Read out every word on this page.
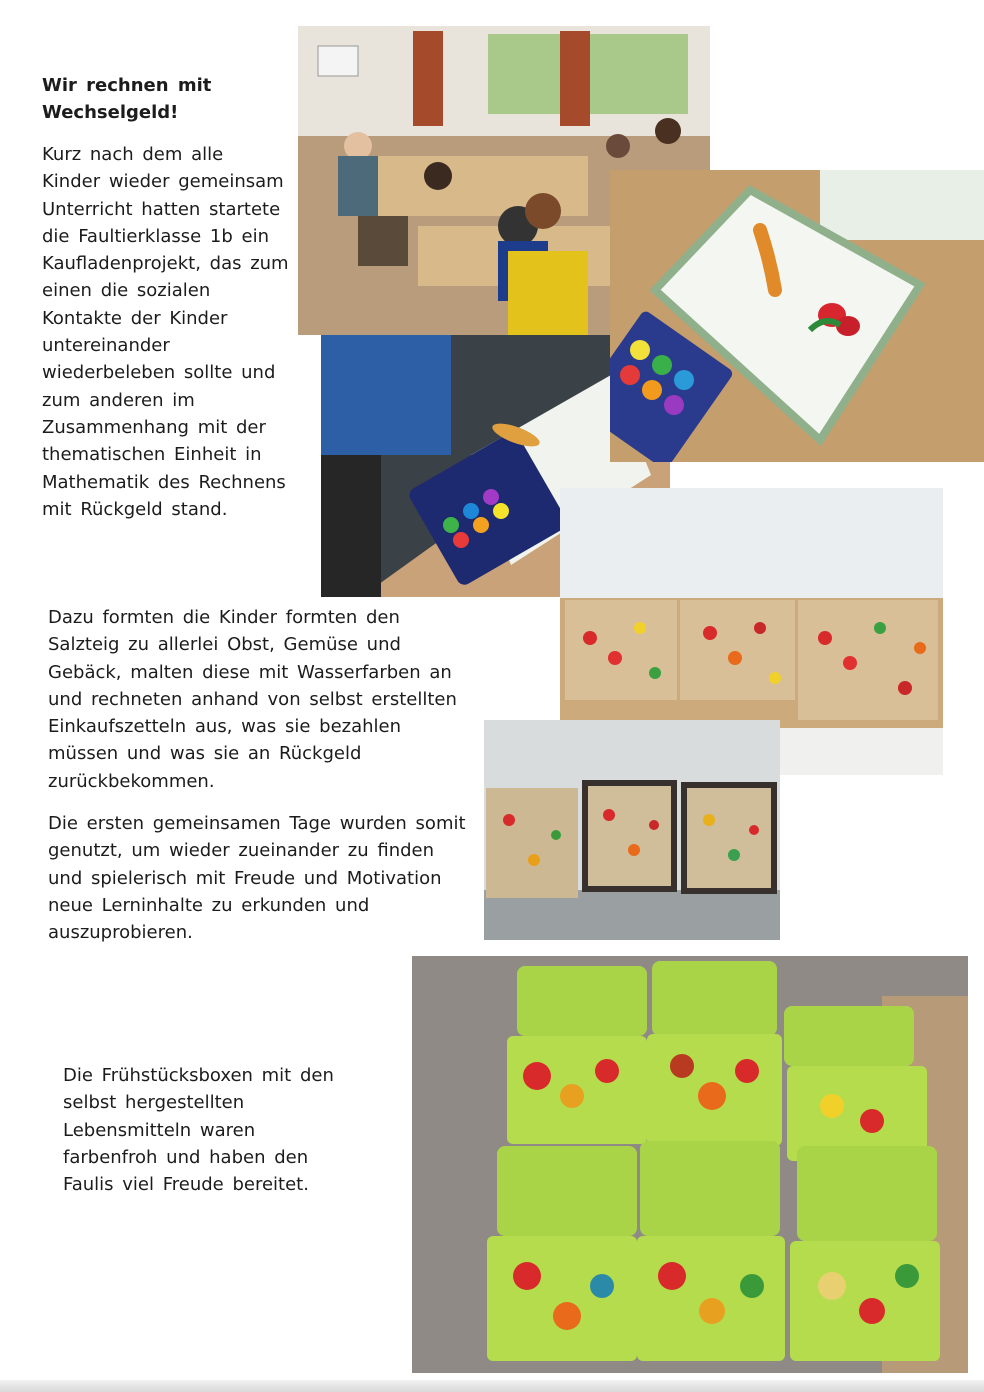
Wir rechnen mit

Wechselgeld!

Kurz nach dem alle

Kinder wieder gemeinsam

Unterricht hatten startete

die Faultierklasse 1b ein

Kaufladenprojekt, das zum

einen die sozialen

Kontakte der Kinder

untereinander

wiederbeleben sollte und

zum anderen im

Zusammenhang mit der

thematischen Einheit in

Mathematik des Rechnens

mit Rückgeld stand.

Dazu formten die Kinder formten den

Salzteig zu allerlei Obst, Gemüse und

Gebäck, malten diese mit Wasserfarben an

und rechneten anhand von selbst erstellten

Einkaufszetteln aus, was sie bezahlen

müssen und was sie an Rückgeld

zurückbekommen.

Die ersten gemeinsamen Tage wurden somit

genutzt, um wieder zueinander zu finden

und spielerisch mit Freude und Motivation

neue Lerninhalte zu erkunden und

auszuprobieren.

Die Frühstücksboxen mit den

selbst hergestellten

Lebensmitteln waren

farbenfroh und haben den

Faulis viel Freude bereitet.
